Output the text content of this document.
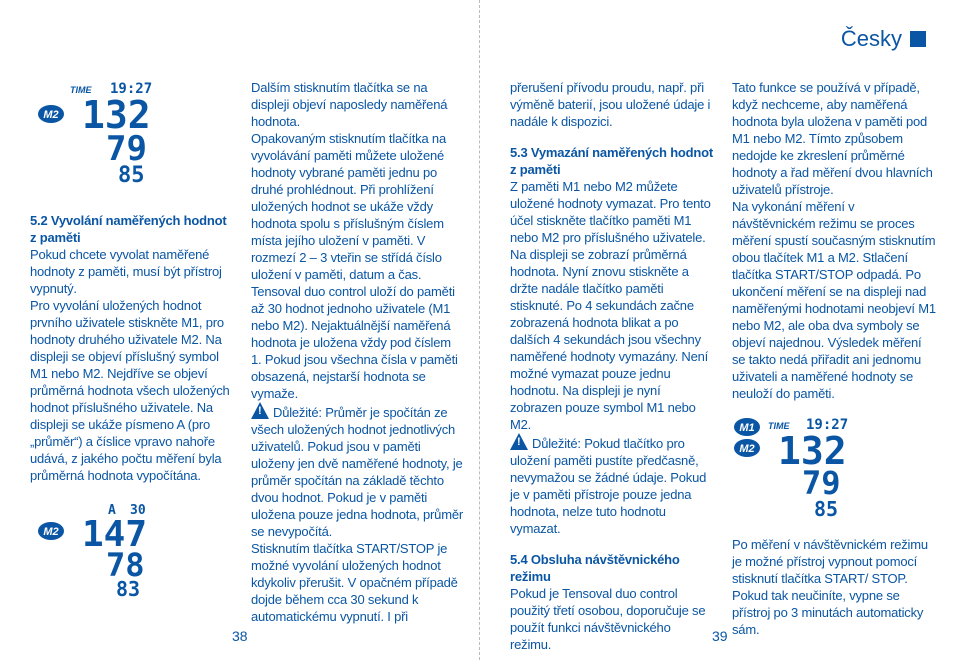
Česky
M2
TIME 19:27
132
79
85
M2
A 30
147
78
83
M1
M2
TIME 19:27
132
79
85
5.2 Vyvolání naměřených hodnot z paměti

Pokud chcete vyvolat naměřené hodnoty z paměti, musí být přístroj vypnutý.

Pro vyvolání uložených hodnot prvního uživatele stiskněte M1, pro hodnoty druhého uživatele M2. Na displeji se objeví příslušný symbol M1 nebo M2. Nejdříve se objeví průměrná hodnota všech uložených hodnot příslušného uživatele. Na displeji se ukáže písmeno A (pro „průměr“) a číslice vpravo nahoře udává, z jakého počtu měření byla průměrná hodnota vypočítána.

Dalším stisknutím tlačítka se na displeji objeví naposledy naměřená hodnota.

Opakovaným stisknutím tlačítka na vyvolávání paměti můžete uložené hodnoty vybrané paměti jednu po druhé prohlédnout. Při prohlížení uložených hodnot se ukáže vždy hodnota spolu s příslušným číslem místa jejího uložení v paměti. V rozmezí 2 – 3 vteřin se střídá číslo uložení v paměti, datum a čas. Tensoval duo control uloží do paměti až 30 hodnot jednoho uživatele (M1 nebo M2). Nejaktuálnější naměřená hodnota je uložena vždy pod číslem 1. Pokud jsou všechna čísla v paměti obsazená, nejstarší hodnota se vymaže.

!Důležité: Průměr je spočítán ze všech uložených hodnot jednotlivých uživatelů. Pokud jsou v paměti uloženy jen dvě naměřené hodnoty, je průměr spočítán na základě těchto dvou hodnot. Pokud je v paměti uložena pouze jedna hodnota, průměr se nevypočítá.

Stisknutím tlačítka START/STOP je možné vyvolání uložených hodnot kdykoliv přerušit. V opačném případě dojde během cca 30 sekund k automatickému vypnutí. I při

38

přerušení přívodu proudu, např. při výměně baterií, jsou uložené údaje i nadále k dispozici.

5.3 Vymazání naměřených hodnot z paměti

Z paměti M1 nebo M2 můžete uložené hodnoty vymazat. Pro tento účel stiskněte tlačítko paměti M1 nebo M2 pro příslušného uživatele. Na displeji se zobrazí průměrná hodnota. Nyní znovu stiskněte a držte nadále tlačítko paměti stisknuté. Po 4 sekundách začne zobrazená hodnota blikat a po dalších 4 sekundách jsou všechny naměřené hodnoty vymazány. Není možné vymazat pouze jednu hodnotu. Na displeji je nyní zobrazen pouze symbol M1 nebo M2.

!Důležité: Pokud tlačítko pro uložení paměti pustíte předčasně, nevymažou se žádné údaje. Pokud je v paměti přístroje pouze jedna hodnota, nelze tuto hodnotu vymazat.

5.4 Obsluha návštěvnického režimu

Pokud je Tensoval duo control použitý třetí osobou, doporučuje se použít funkci návštěvnického režimu.

39

Tato funkce se používá v případě, když nechceme, aby naměřená hodnota byla uložena v paměti pod M1 nebo M2. Tímto způsobem nedojde ke zkreslení průměrné hodnoty a řad měření dvou hlavních uživatelů přístroje.

Na vykonání měření v návštěvnickém režimu se proces měření spustí současným stisknutím obou tlačítek M1 a M2. Stlačení tlačítka START/STOP odpadá. Po ukončení měření se na displeji nad naměřenými hodnotami neobjeví M1 nebo M2, ale oba dva symboly se objeví najednou. Výsledek měření se takto nedá přiřadit ani jednomu uživateli a naměřené hodnoty se neuloží do paměti.

Po měření v návštěvnickém režimu je možné přístroj vypnout pomocí stisknutí tlačítka START/ STOP. Pokud tak neučiníte, vypne se přístroj po 3 minutách automaticky sám.
